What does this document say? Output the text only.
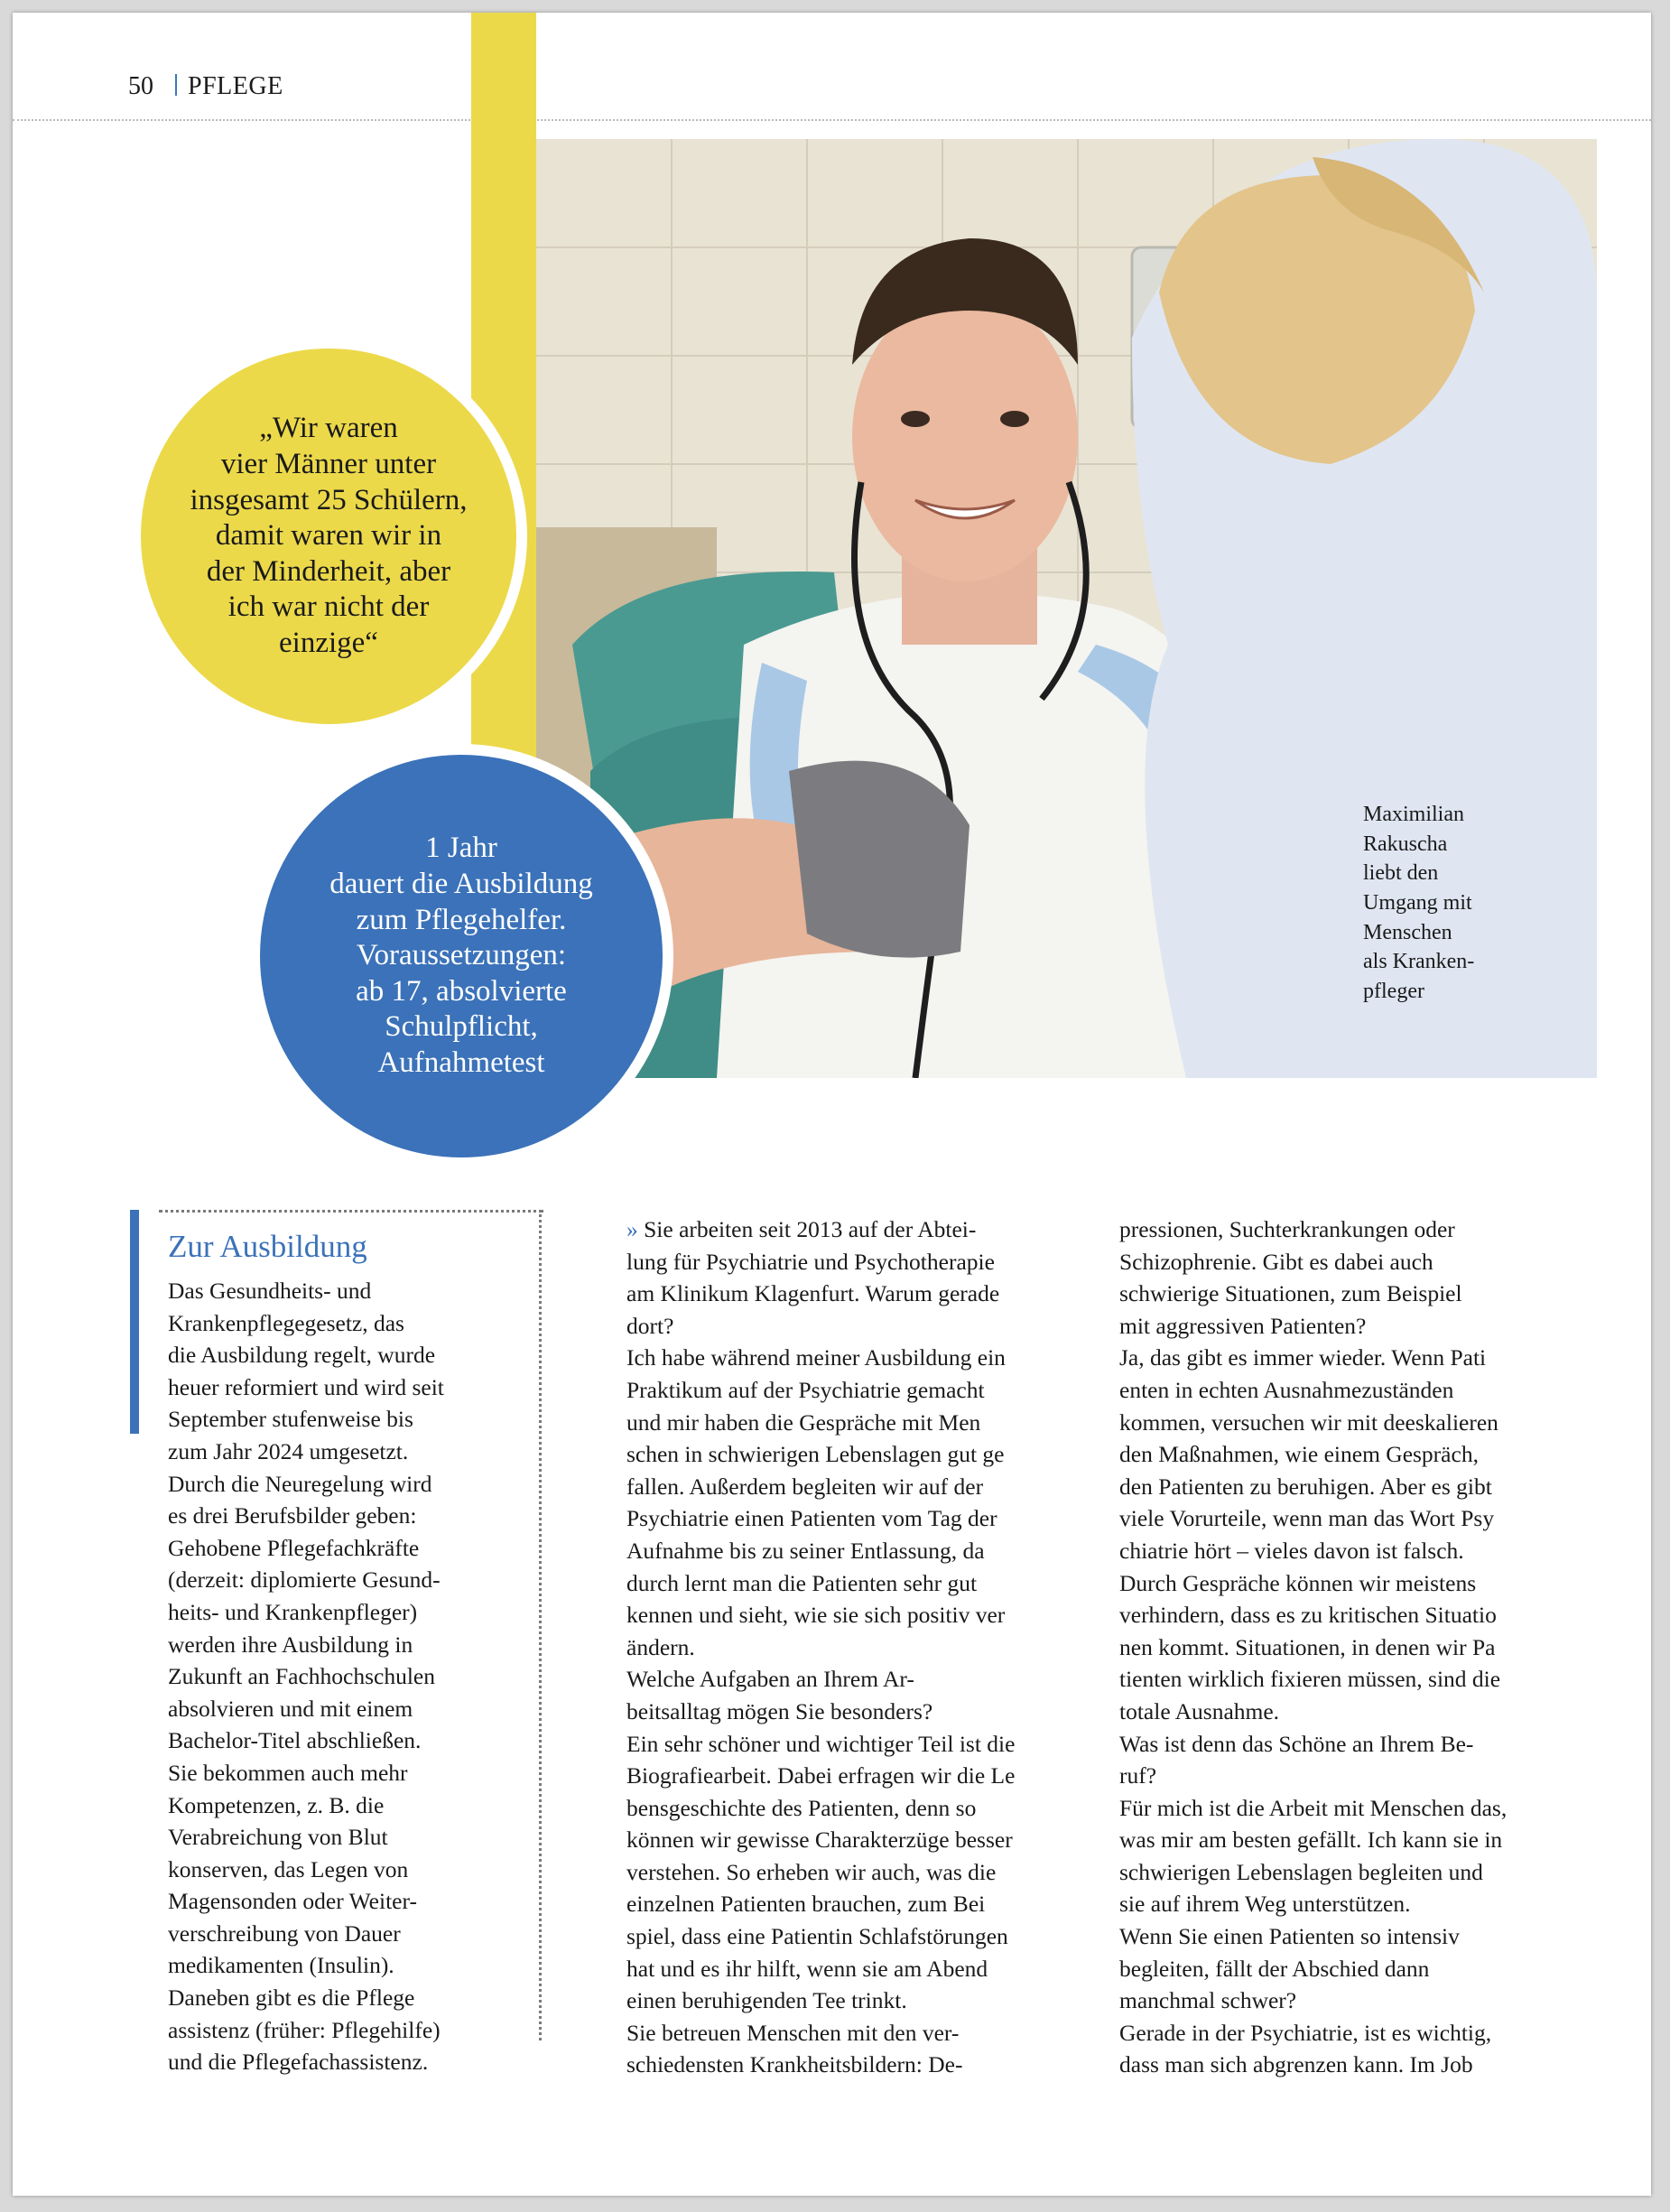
50 PFLEGE
„Wir waren
vier Männer unter
insgesamt 25 Schülern,
damit waren wir in
der Minderheit, aber
ich war nicht der
einzige“
1 Jahr
dauert die Ausbildung
zum Pflegehelfer.
Voraussetzungen:
ab 17, absolvierte
Schulpflicht,
Aufnahmetest
Maximilian
Rakuscha
liebt den
Umgang mit
Menschen
als Kranken-
pfleger
Zur Ausbildung
Das Gesundheits- und
Krankenpflegegesetz, das
die Ausbildung regelt, wurde
heuer reformiert und wird seit
September stufenweise bis
zum Jahr 2024 umgesetzt.
Durch die Neuregelung wird
es drei Berufsbilder geben:
Gehobene Pflegefachkräfte
(derzeit: diplomierte Gesund-
heits- und Krankenpfleger)
werden ihre Ausbildung in
Zukunft an Fachhochschulen
absolvieren und mit einem
Bachelor-Titel abschließen.
Sie bekommen auch mehr
Kompetenzen, z. B. die
Verabreichung von Blut
konserven, das Legen von
Magensonden oder Weiter-
verschreibung von Dauer
medikamenten (Insulin).
Daneben gibt es die Pflege
assistenz (früher: Pflegehilfe)
und die Pflegefachassistenz.
» Sie arbeiten seit 2013 auf der Abtei-
lung für Psychiatrie und Psychotherapie
am Klinikum Klagenfurt. Warum gerade
dort?
Ich habe während meiner Ausbildung ein
Praktikum auf der Psychiatrie gemacht
und mir haben die Gespräche mit Men
schen in schwierigen Lebenslagen gut ge
fallen. Außerdem begleiten wir auf der
Psychiatrie einen Patienten vom Tag der
Aufnahme bis zu seiner Entlassung, da
durch lernt man die Patienten sehr gut
kennen und sieht, wie sie sich positiv ver
ändern.
Welche Aufgaben an Ihrem Ar-
beitsalltag mögen Sie besonders?
Ein sehr schöner und wichtiger Teil ist die
Biografiearbeit. Dabei erfragen wir die Le
bensgeschichte des Patienten, denn so
können wir gewisse Charakterzüge besser
verstehen. So erheben wir auch, was die
einzelnen Patienten brauchen, zum Bei
spiel, dass eine Patientin Schlafstörungen
hat und es ihr hilft, wenn sie am Abend
einen beruhigenden Tee trinkt.
Sie betreuen Menschen mit den ver-
schiedensten Krankheitsbildern: De-
pressionen, Suchterkrankungen oder
Schizophrenie. Gibt es dabei auch
schwierige Situationen, zum Beispiel
mit aggressiven Patienten?
Ja, das gibt es immer wieder. Wenn Pati
enten in echten Ausnahmezuständen
kommen, versuchen wir mit deeskalieren
den Maßnahmen, wie einem Gespräch,
den Patienten zu beruhigen. Aber es gibt
viele Vorurteile, wenn man das Wort Psy
chiatrie hört – vieles davon ist falsch.
Durch Gespräche können wir meistens
verhindern, dass es zu kritischen Situatio
nen kommt. Situationen, in denen wir Pa
tienten wirklich fixieren müssen, sind die
totale Ausnahme.
Was ist denn das Schöne an Ihrem Be-
ruf?
Für mich ist die Arbeit mit Menschen das,
was mir am besten gefällt. Ich kann sie in
schwierigen Lebenslagen begleiten und
sie auf ihrem Weg unterstützen.
Wenn Sie einen Patienten so intensiv
begleiten, fällt der Abschied dann
manchmal schwer?
Gerade in der Psychiatrie, ist es wichtig,
dass man sich abgrenzen kann. Im Job
